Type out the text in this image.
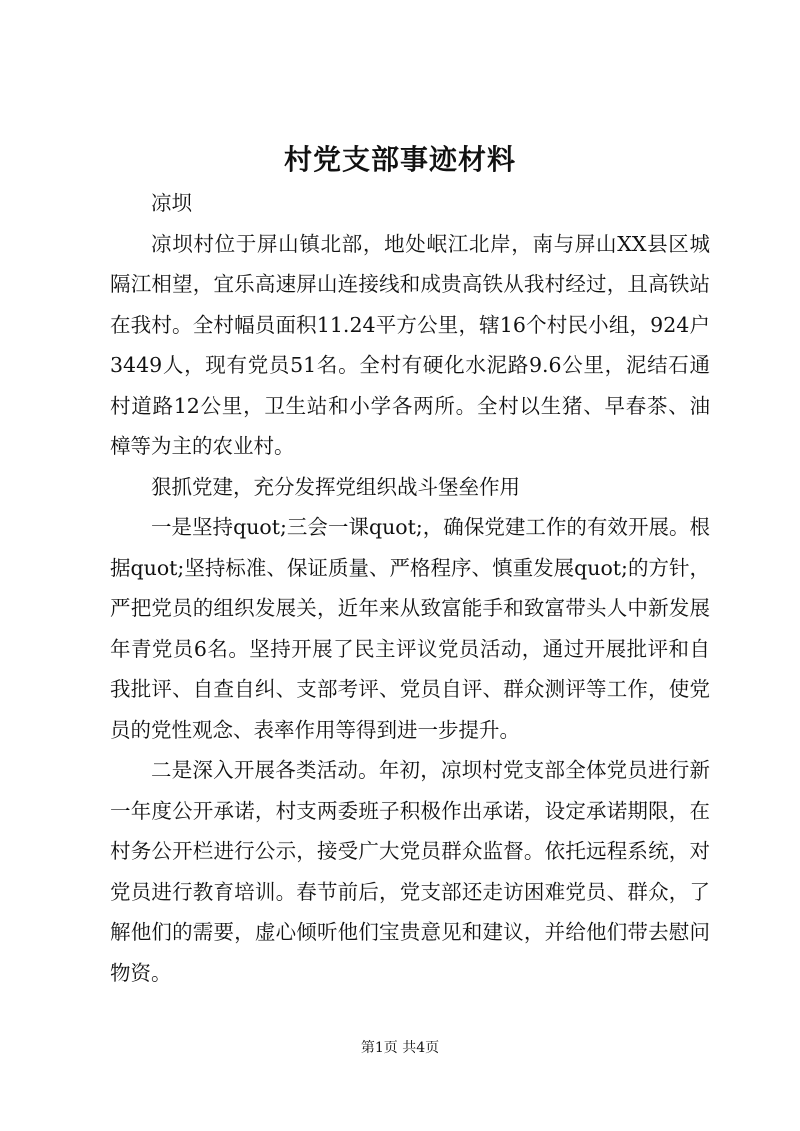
村党支部事迹材料

凉坝

凉坝村位于屏山镇北部，地处岷江北岸，南与屏山XX县区城隔江相望，宜乐高速屏山连接线和成贵高铁从我村经过，且高铁站在我村。全村幅员面积11.24平方公里，辖16个村民小组，924户3449人，现有党员51名。全村有硬化水泥路9.6公里，泥结石通村道路12公里，卫生站和小学各两所。全村以生猪、早春茶、油樟等为主的农业村。

狠抓党建，充分发挥党组织战斗堡垒作用

一是坚持quot;三会一课quot;，确保党建工作的有效开展。根据quot;坚持标准、保证质量、严格程序、慎重发展quot;的方针，严把党员的组织发展关，近年来从致富能手和致富带头人中新发展年青党员6名。坚持开展了民主评议党员活动，通过开展批评和自我批评、自查自纠、支部考评、党员自评、群众测评等工作，使党员的党性观念、表率作用等得到进一步提升。

二是深入开展各类活动。年初，凉坝村党支部全体党员进行新一年度公开承诺，村支两委班子积极作出承诺，设定承诺期限，在村务公开栏进行公示，接受广大党员群众监督。依托远程系统，对党员进行教育培训。春节前后，党支部还走访困难党员、群众，了解他们的需要，虚心倾听他们宝贵意见和建议，并给他们带去慰问物资。

第1页 共4页
